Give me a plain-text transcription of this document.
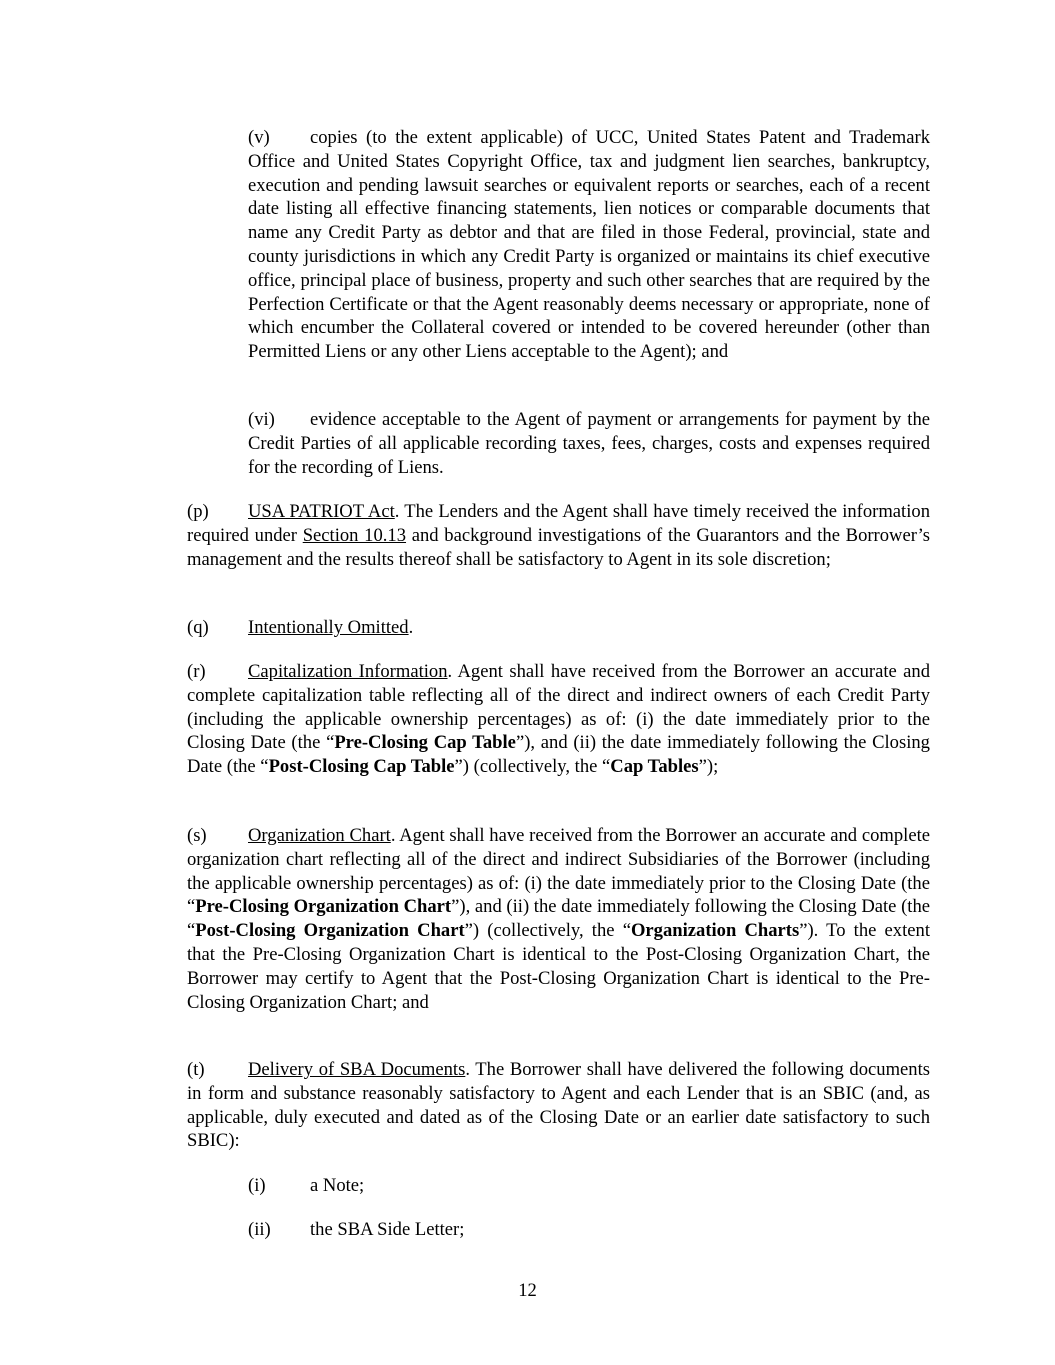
(v) copies (to the extent applicable) of UCC, United States Patent and Trademark Office and United States Copyright Office, tax and judgment lien searches, bankruptcy, execution and pending lawsuit searches or equivalent reports or searches, each of a recent date listing all effective financing statements, lien notices or comparable documents that name any Credit Party as debtor and that are filed in those Federal, provincial, state and county jurisdictions in which any Credit Party is organized or maintains its chief executive office, principal place of business, property and such other searches that are required by the Perfection Certificate or that the Agent reasonably deems necessary or appropriate, none of which encumber the Collateral covered or intended to be covered hereunder (other than Permitted Liens or any other Liens acceptable to the Agent); and

(vi) evidence acceptable to the Agent of payment or arrangements for payment by the Credit Parties of all applicable recording taxes, fees, charges, costs and expenses required for the recording of Liens.

(p) USA PATRIOT Act. The Lenders and the Agent shall have timely received the information required under Section 10.13 and background investigations of the Guarantors and the Borrower’s management and the results thereof shall be satisfactory to Agent in its sole discretion;

(q) Intentionally Omitted.

(r) Capitalization Information. Agent shall have received from the Borrower an accurate and complete capitalization table reflecting all of the direct and indirect owners of each Credit Party (including the applicable ownership percentages) as of: (i) the date immediately prior to the Closing Date (the “Pre-Closing Cap Table”), and (ii) the date immediately following the Closing Date (the “Post-Closing Cap Table”) (collectively, the “Cap Tables”);

(s) Organization Chart. Agent shall have received from the Borrower an accurate and complete organization chart reflecting all of the direct and indirect Subsidiaries of the Borrower (including the applicable ownership percentages) as of: (i) the date immediately prior to the Closing Date (the “Pre-Closing Organization Chart”), and (ii) the date immediately following the Closing Date (the “Post-Closing Organization Chart”) (collectively, the “Organization Charts”). To the extent that the Pre-Closing Organization Chart is identical to the Post-Closing Organization Chart, the Borrower may certify to Agent that the Post-Closing Organization Chart is identical to the Pre-Closing Organization Chart; and

(t) Delivery of SBA Documents. The Borrower shall have delivered the following documents in form and substance reasonably satisfactory to Agent and each Lender that is an SBIC (and, as applicable, duly executed and dated as of the Closing Date or an earlier date satisfactory to such SBIC):

(i) a Note;

(ii) the SBA Side Letter;

12
